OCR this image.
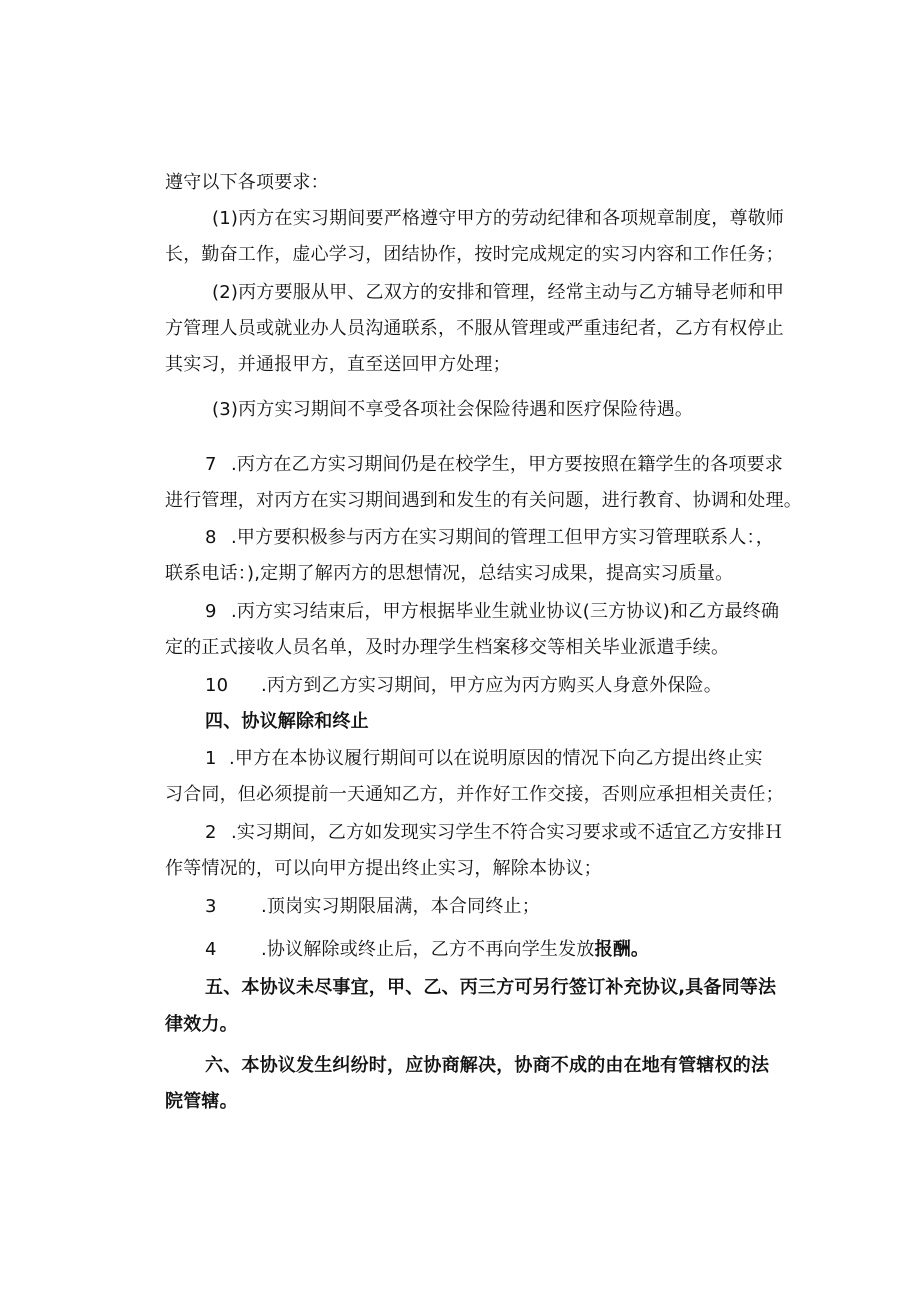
遵守以下各项要求：
(1)丙方在实习期间要严格遵守甲方的劳动纪律和各项规章制度，尊敬师
长，勤奋工作，虚心学习，团结协作，按时完成规定的实习内容和工作任务；
(2)丙方要服从甲、乙双方的安排和管理，经常主动与乙方辅导老师和甲
方管理人员或就业办人员沟通联系，不服从管理或严重违纪者，乙方有权停止
其实习，并通报甲方，直至送回甲方处理；
(3)丙方实习期间不享受各项社会保险待遇和医疗保险待遇。
7 .丙方在乙方实习期间仍是在校学生，甲方要按照在籍学生的各项要求
进行管理，对丙方在实习期间遇到和发生的有关问题，进行教育、协调和处理。
8 .甲方要积极参与丙方在实习期间的管理工但甲方实习管理联系人：，
联系电话：),定期了解丙方的思想情况，总结实习成果，提高实习质量。
9 .丙方实习结束后，甲方根据毕业生就业协议(三方协议)和乙方最终确
定的正式接收人员名单，及时办理学生档案移交等相关毕业派遣手续。
10 .丙方到乙方实习期间，甲方应为丙方购买人身意外保险。
四、协议解除和终止
1 .甲方在本协议履行期间可以在说明原因的情况下向乙方提出终止实
习合同，但必须提前一天通知乙方，并作好工作交接，否则应承担相关责任；
2 .实习期间，乙方如发现实习学生不符合实习要求或不适宜乙方安排Ｈ
作等情况的，可以向甲方提出终止实习，解除本协议；
3 .顶岗实习期限届满，本合同终止；
4 .协议解除或终止后，乙方不再向学生发放报酬。
五、本协议未尽事宜，甲、乙、丙三方可另行签订补充协议,具备同等法
律效力。
六、本协议发生纠纷时，应协商解决，协商不成的由在地有管辖权的法
院管辖。
